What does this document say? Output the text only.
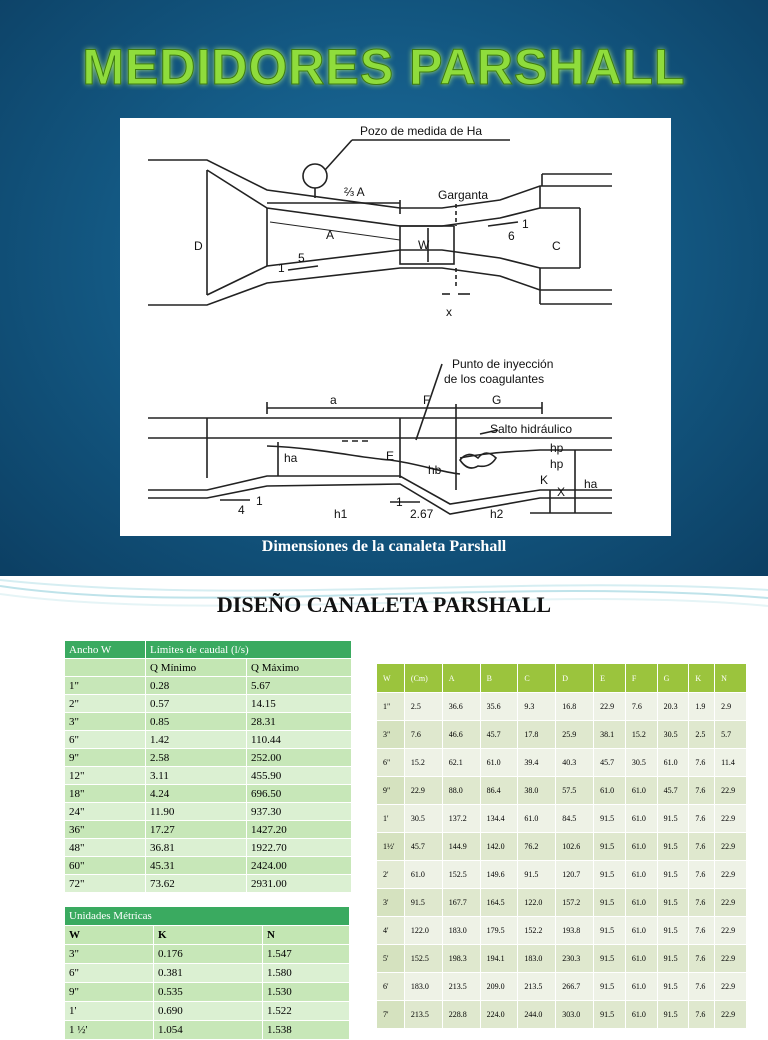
MEDIDORES PARSHALL
Pozo de medida de Ha
⅔ A	Garganta
D
A
W	C
1
5
1
6
x
Punto de inyección
de los coagulantes
a	F	G
Salto hidráulico
ha	E
hb
hp
hp
K
X
ha
4
1
h1
1
2.67	h2
Dimensiones de la canaleta Parshall
DISEÑO CANALETA PARSHALL
Ancho W	Límites de caudal (l/s)	
	Q Mínimo	Q Máximo
1"	0.28	5.67
2"	0.57	14.15
3"	0.85	28.31
6"	1.42	110.44
9"	2.58	252.00
12"	3.11	455.90
18"	4.24	696.50
24"	11.90	937.30
36"	17.27	1427.20
48"	36.81	1922.70
60"	45.31	2424.00
72"	73.62	2931.00
Unidades Métricas		
W	K	N
3"	0.176	1.547
6"	0.381	1.580
9"	0.535	1.530
1'	0.690	1.522
1 ½'	1.054	1.538
W	(Cm)	A	B	C	D	E	F	G	K	N
1"	2.5	36.6	35.6	9.3	16.8	22.9	7.6	20.3	1.9	2.9
3"	7.6	46.6	45.7	17.8	25.9	38.1	15.2	30.5	2.5	5.7
6"	15.2	62.1	61.0	39.4	40.3	45.7	30.5	61.0	7.6	11.4
9"	22.9	88.0	86.4	38.0	57.5	61.0	61.0	45.7	7.6	22.9
1'	30.5	137.2	134.4	61.0	84.5	91.5	61.0	91.5	7.6	22.9
1½'	45.7	144.9	142.0	76.2	102.6	91.5	61.0	91.5	7.6	22.9
2'	61.0	152.5	149.6	91.5	120.7	91.5	61.0	91.5	7.6	22.9
3'	91.5	167.7	164.5	122.0	157.2	91.5	61.0	91.5	7.6	22.9
4'	122.0	183.0	179.5	152.2	193.8	91.5	61.0	91.5	7.6	22.9
5'	152.5	198.3	194.1	183.0	230.3	91.5	61.0	91.5	7.6	22.9
6'	183.0	213.5	209.0	213.5	266.7	91.5	61.0	91.5	7.6	22.9
7'	213.5	228.8	224.0	244.0	303.0	91.5	61.0	91.5	7.6	22.9
